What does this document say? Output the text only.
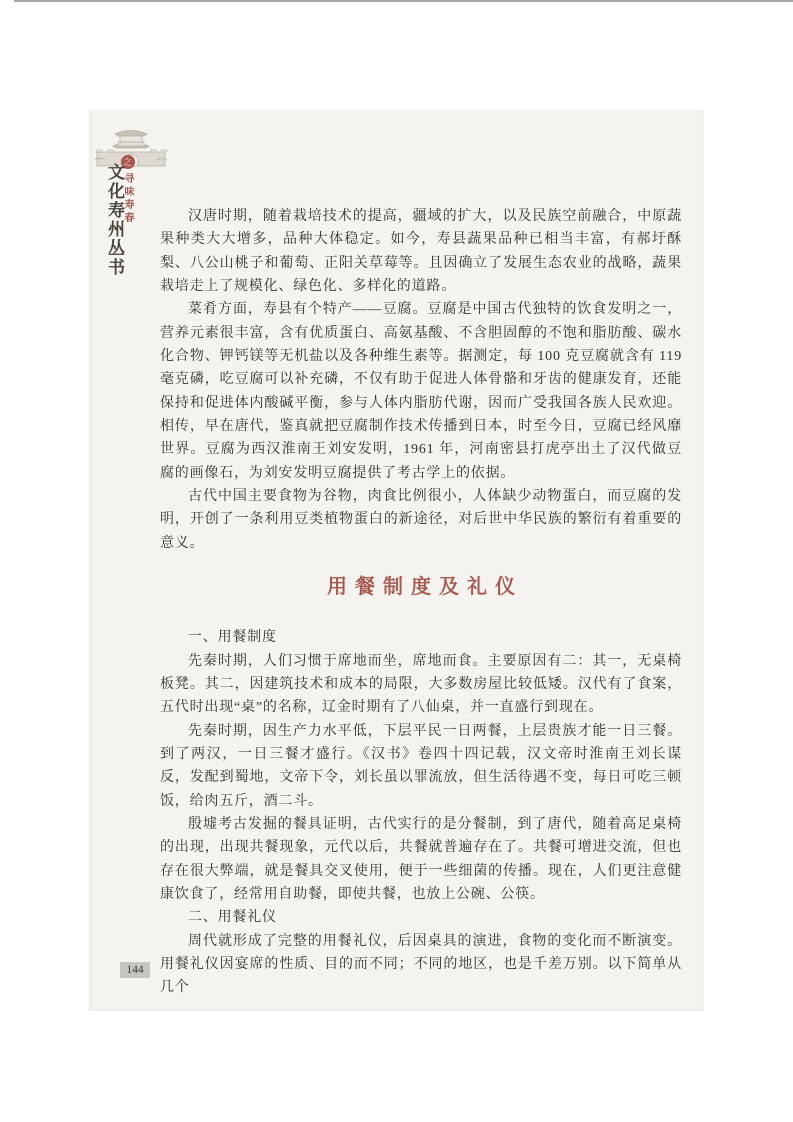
之
寻味寿春
文化寿州丛书	汉唐时期，随着栽培技术的提高，疆域的扩大，以及民族空前融合，中原蔬果种类大大增多，品种大体稳定。如今，寿县蔬果品种已相当丰富，有郝圩酥梨、八公山桃子和葡萄、正阳关草莓等。且因确立了发展生态农业的战略，蔬果栽培走上了规模化、绿色化、多样化的道路。

菜肴方面，寿县有个特产——豆腐。豆腐是中国古代独特的饮食发明之一，营养元素很丰富，含有优质蛋白、高氨基酸、不含胆固醇的不饱和脂肪酸、碳水化合物、钾钙镁等无机盐以及各种维生素等。据测定，每 100 克豆腐就含有 119 毫克磷，吃豆腐可以补充磷，不仅有助于促进人体骨骼和牙齿的健康发育，还能保持和促进体内酸碱平衡，参与人体内脂肪代谢，因而广受我国各族人民欢迎。相传，早在唐代，鉴真就把豆腐制作技术传播到日本，时至今日，豆腐已经风靡世界。豆腐为西汉淮南王刘安发明，1961 年，河南密县打虎亭出土了汉代做豆腐的画像石，为刘安发明豆腐提供了考古学上的依据。

古代中国主要食物为谷物，肉食比例很小，人体缺少动物蛋白，而豆腐的发明，开创了一条利用豆类植物蛋白的新途径，对后世中华民族的繁衍有着重要的意义。

用餐制度及礼仪

一、用餐制度

先秦时期，人们习惯于席地而坐，席地而食。主要原因有二：其一，无桌椅板凳。其二，因建筑技术和成本的局限，大多数房屋比较低矮。汉代有了食案，五代时出现“桌”的名称，辽金时期有了八仙桌，并一直盛行到现在。

先秦时期，因生产力水平低，下层平民一日两餐，上层贵族才能一日三餐。到了两汉，一日三餐才盛行。《汉书》卷四十四记载，汉文帝时淮南王刘长谋反，发配到蜀地，文帝下令，刘长虽以罪流放，但生活待遇不变，每日可吃三顿饭，给肉五斤，酒二斗。

殷墟考古发掘的餐具证明，古代实行的是分餐制，到了唐代，随着高足桌椅的出现，出现共餐现象，元代以后，共餐就普遍存在了。共餐可增进交流，但也存在很大弊端，就是餐具交叉使用，便于一些细菌的传播。现在，人们更注意健康饮食了，经常用自助餐，即使共餐，也放上公碗、公筷。

二、用餐礼仪

周代就形成了完整的用餐礼仪，后因桌具的演进，食物的变化而不断演变。用餐礼仪因宴席的性质、目的而不同；不同的地区，也是千差万别。以下简单从几个

144
